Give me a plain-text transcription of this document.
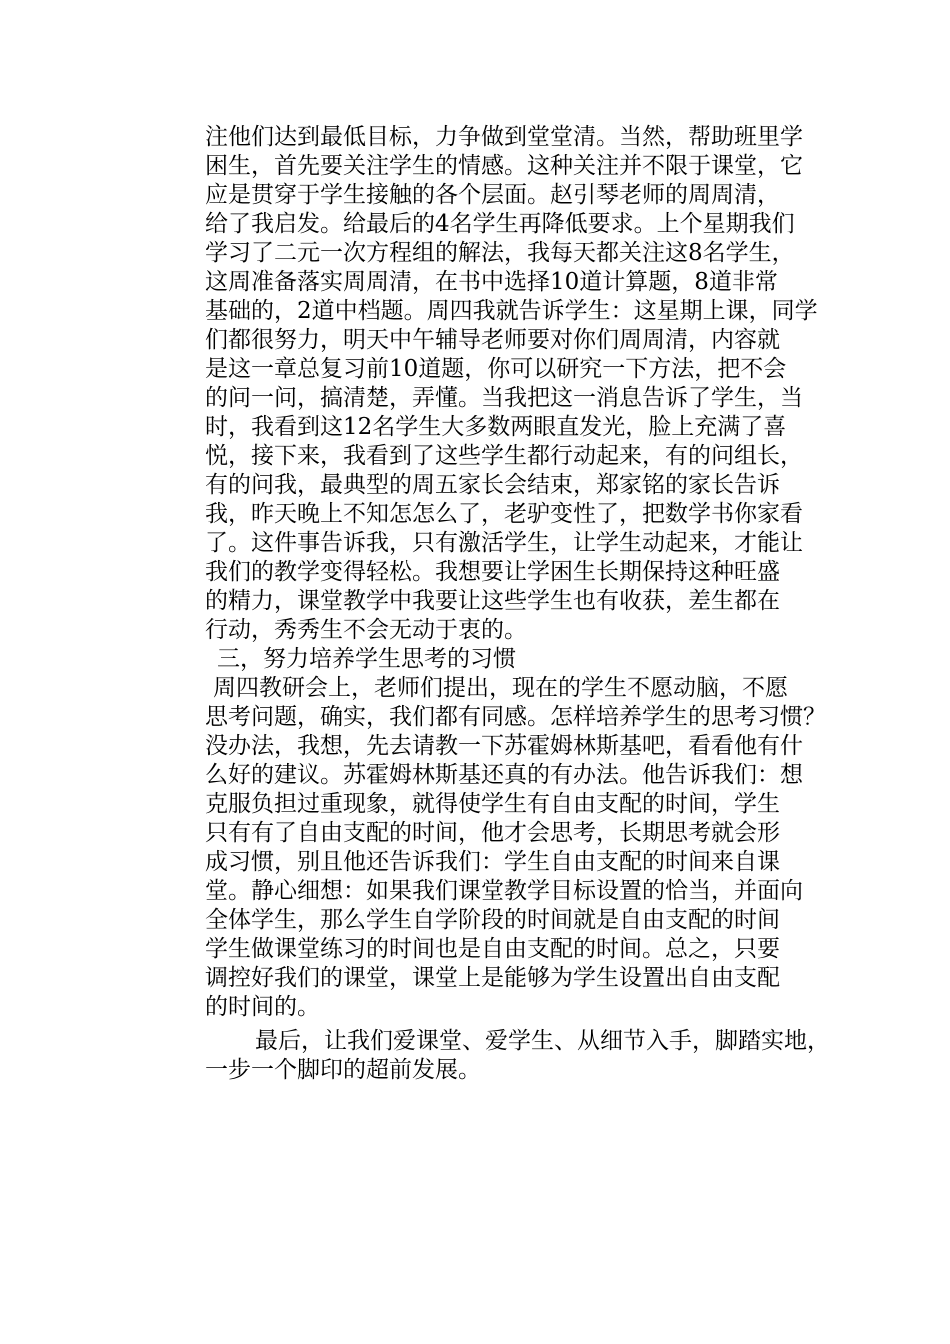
注他们达到最低目标，力争做到堂堂清。当然，帮助班里学
困生，首先要关注学生的情感。这种关注并不限于课堂，它
应是贯穿于学生接触的各个层面。赵引琴老师的周周清，
给了我启发。给最后的4名学生再降低要求。上个星期我们
学习了二元一次方程组的解法，我每天都关注这8名学生，
这周准备落实周周清，在书中选择10道计算题，8道非常
基础的，2道中档题。周四我就告诉学生：这星期上课，同学
们都很努力，明天中午辅导老师要对你们周周清，内容就
是这一章总复习前10道题，你可以研究一下方法，把不会
的问一问，搞清楚，弄懂。当我把这一消息告诉了学生，当
时，我看到这12名学生大多数两眼直发光，脸上充满了喜
悦，接下来，我看到了这些学生都行动起来，有的问组长，
有的问我，最典型的周五家长会结束，郑家铭的家长告诉
我，昨天晚上不知怎怎么了，老驴变性了，把数学书你家看
了。这件事告诉我，只有激活学生，让学生动起来，才能让
我们的教学变得轻松。我想要让学困生长期保持这种旺盛
的精力，课堂教学中我要让这些学生也有收获，差生都在
行动，秀秀生不会无动于衷的。
三，努力培养学生思考的习惯
周四教研会上，老师们提出，现在的学生不愿动脑，不愿
思考问题，确实，我们都有同感。怎样培养学生的思考习惯？
没办法，我想，先去请教一下苏霍姆林斯基吧，看看他有什
么好的建议。苏霍姆林斯基还真的有办法。他告诉我们：想
克服负担过重现象，就得使学生有自由支配的时间，学生
只有有了自由支配的时间，他才会思考，长期思考就会形
成习惯，别且他还告诉我们：学生自由支配的时间来自课
堂。静心细想：如果我们课堂教学目标设置的恰当，并面向
全体学生，那么学生自学阶段的时间就是自由支配的时间
学生做课堂练习的时间也是自由支配的时间。总之，只要
调控好我们的课堂，课堂上是能够为学生设置出自由支配
的时间的。
最后，让我们爱课堂、爱学生、从细节入手，脚踏实地，
一步一个脚印的超前发展。
